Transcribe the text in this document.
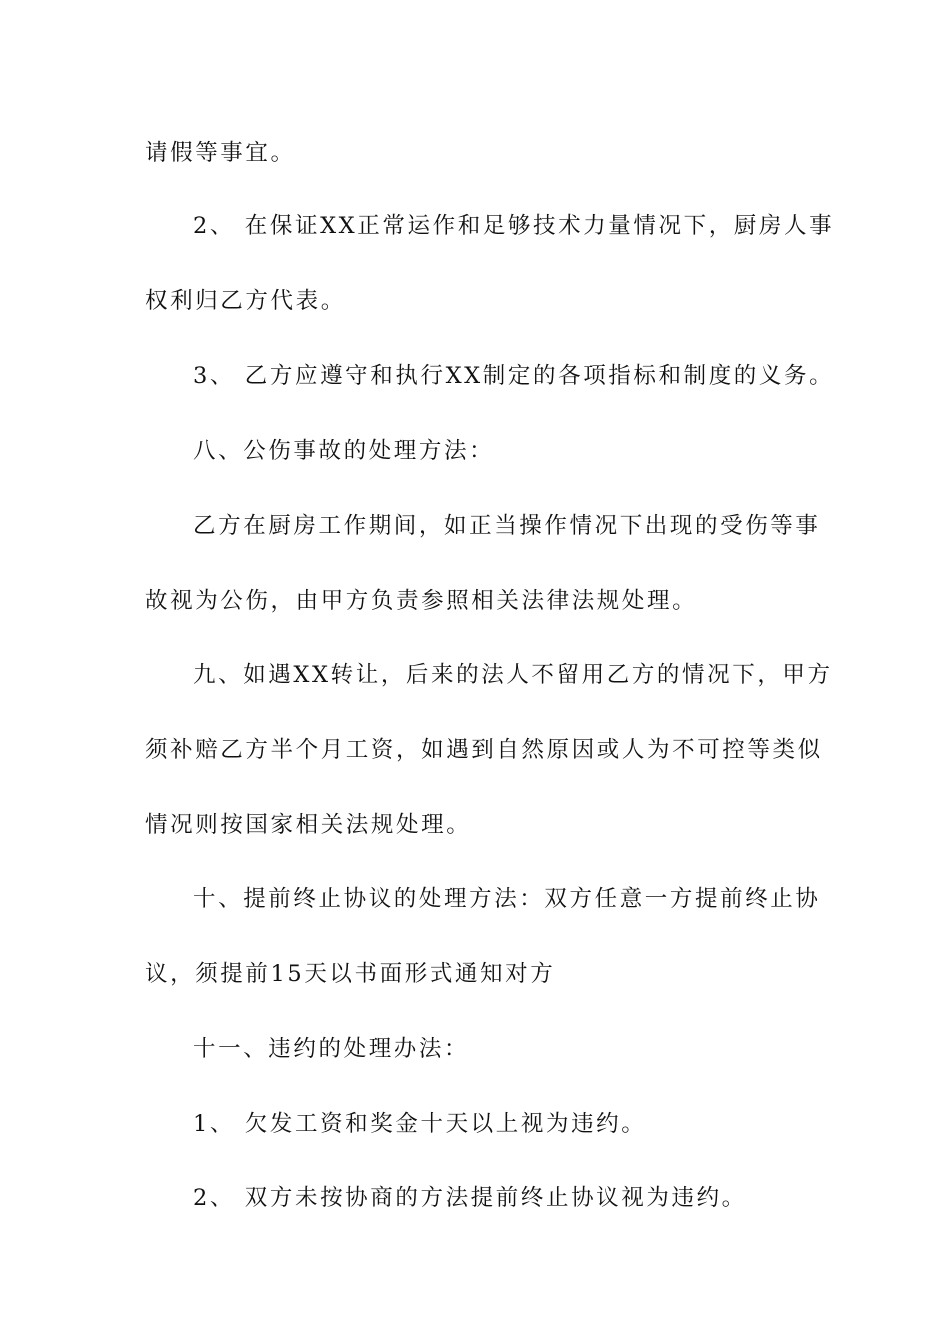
请假等事宜。
2、 在保证XX正常运作和足够技术力量情况下，厨房人事
权利归乙方代表。
3、 乙方应遵守和执行XX制定的各项指标和制度的义务。
八、公伤事故的处理方法：
乙方在厨房工作期间，如正当操作情况下出现的受伤等事
故视为公伤，由甲方负责参照相关法律法规处理。
九、如遇XX转让，后来的法人不留用乙方的情况下，甲方
须补赔乙方半个月工资，如遇到自然原因或人为不可控等类似
情况则按国家相关法规处理。
十、提前终止协议的处理方法：双方任意一方提前终止协
议，须提前15天以书面形式通知对方
十一、违约的处理办法：
1、 欠发工资和奖金十天以上视为违约。
2、 双方未按协商的方法提前终止协议视为违约。
